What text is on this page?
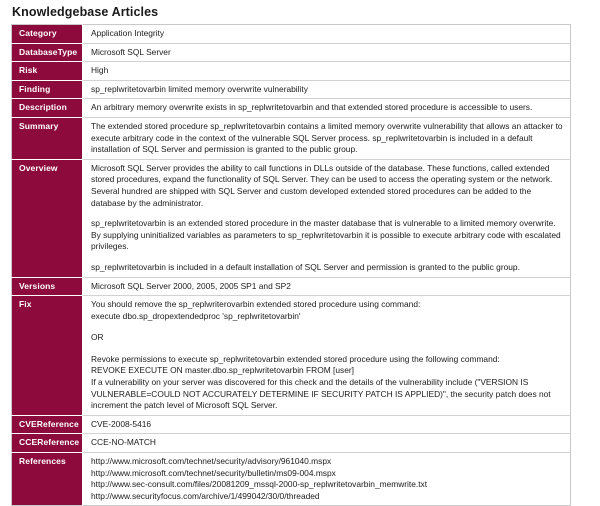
Knowledgebase Articles
Category	Application Integrity

DatabaseType	Microsoft SQL Server

Risk	High

Finding	sp_replwritetovarbin limited memory overwrite vulnerability

Description	An arbitrary memory overwrite exists in sp_replwritetovarbin and that extended stored procedure is accessible to users.

Summary	The extended stored procedure sp_replwritetovarbin contains a limited memory overwrite vulnerability that allows an attacker to execute arbitrary code in the context of the vulnerable SQL Server process. sp_replwritetovarbin is included in a default installation of SQL Server and permission is granted to the public group.

Overview	Microsoft SQL Server provides the ability to call functions in DLLs outside of the database. These functions, called extended stored procedures, expand the functionality of SQL Server. They can be used to access the operating system or the network. Several hundred are shipped with SQL Server and custom developed extended stored procedures can be added to the database by the administrator.

sp_replwritetovarbin is an extended stored procedure in the master database that is vulnerable to a limited memory overwrite. By supplying uninitialized variables as parameters to sp_replwritetovarbin it is possible to execute arbitrary code with escalated privileges.

sp_replwritetovarbin is included in a default installation of SQL Server and permission is granted to the public group.

Versions	Microsoft SQL Server 2000, 2005, 2005 SP1 and SP2

Fix	You should remove the sp_replwriterovarbin extended stored procedure using command:
execute dbo.sp_dropextendedproc 'sp_replwritetovarbin'
OR
Revoke permissions to execute sp_replwritetovarbin extended stored procedure using the following command:
REVOKE EXECUTE ON master.dbo.sp_replwritetovarbin FROM [user]
If a vulnerability on your server was discovered for this check and the details of the vulnerability include ("VERSION IS VULNERABLE=COULD NOT ACCURATELY DETERMINE IF SECURITY PATCH IS APPLIED)", the security patch does not increment the patch level of Microsoft SQL Server.

CVEReference	CVE-2008-5416

CCEReference	CCE-NO-MATCH

References	http://www.microsoft.com/technet/security/advisory/961040.mspx
http://www.microsoft.com/technet/security/bulletin/ms09-004.mspx
http://www.sec-consult.com/files/20081209_mssql-2000-sp_replwritetovarbin_memwrite.txt
http://www.securityfocus.com/archive/1/499042/30/0/threaded
